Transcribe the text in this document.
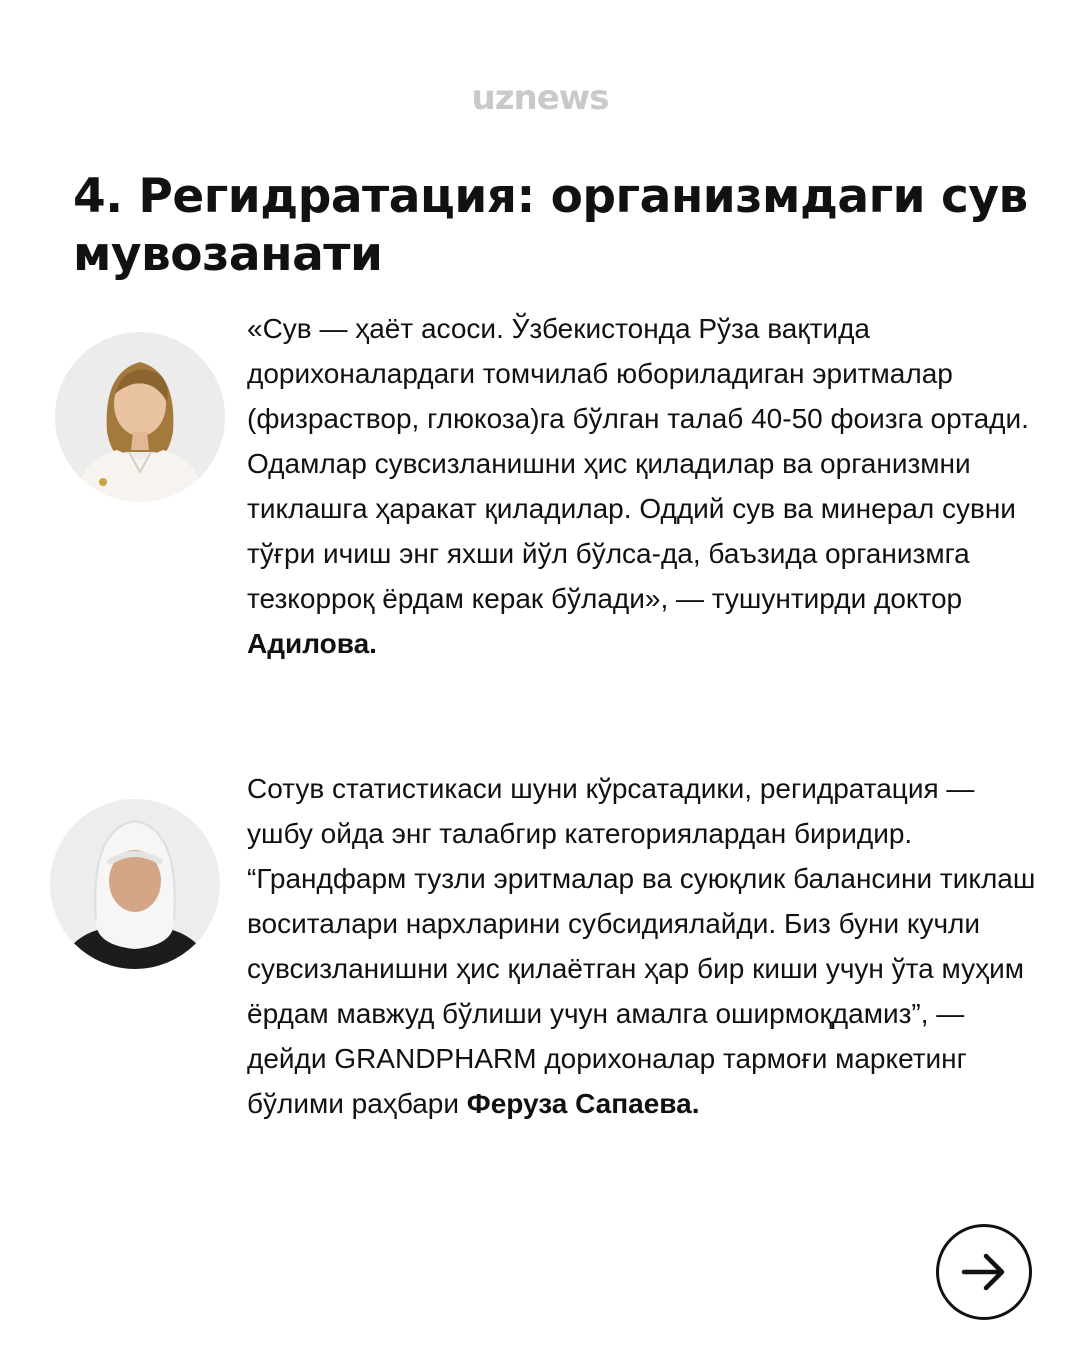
uznews
4. Регидратация: организмдаги сув мувозанати

«Сув — ҳаёт асоси. Ўзбекистонда Рўза вақтида дорихоналардаги томчилаб юбориладиган эритмалар (физраствор, глюкоза)га бўлган талаб 40-50 фоизга ортади. Одамлар сувсизланишни ҳис қиладилар ва организмни тиклашга ҳаракат қиладилар. Оддий сув ва минерал сувни тўғри ичиш энг яхши йўл бўлса-да, баъзида организмга тезкорроқ ёрдам керак бўлади», — тушунтирди доктор Адилова.

Сотув статистикаси шуни кўрсатадики, регидратация — ушбу ойда энг талабгир категориялардан биридир. “Грандфарм тузли эритмалар ва суюқлик балансини тиклаш воситалари нархларини субсидиялайди. Биз буни кучли сувсизланишни ҳис қилаётган ҳар бир киши учун ўта муҳим ёрдам мавжуд бўлиши учун амалга оширмоқдамиз”, — дейди GRANDPHARM дорихоналар тармоғи маркетинг бўлими раҳбари Феруза Сапаева.
